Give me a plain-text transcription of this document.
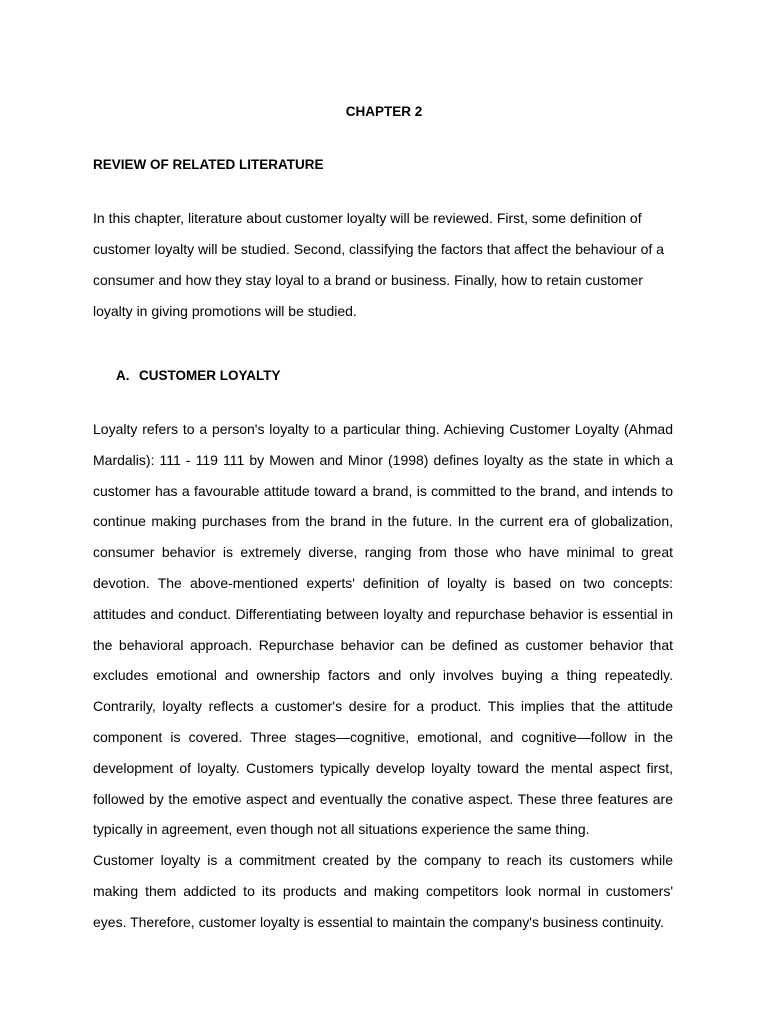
CHAPTER 2
REVIEW OF RELATED LITERATURE

In this chapter, literature about customer loyalty will be reviewed. First, some definition of customer loyalty will be studied. Second, classifying the factors that affect the behaviour of a consumer and how they stay loyal to a brand or business. Finally, how to retain customer loyalty in giving promotions will be studied.

A. CUSTOMER LOYALTY

Loyalty refers to a person's loyalty to a particular thing. Achieving Customer Loyalty (Ahmad Mardalis): 111 - 119 111 by Mowen and Minor (1998) defines loyalty as the state in which a customer has a favourable attitude toward a brand, is committed to the brand, and intends to continue making purchases from the brand in the future. In the current era of globalization, consumer behavior is extremely diverse, ranging from those who have minimal to great devotion. The above-mentioned experts' definition of loyalty is based on two concepts: attitudes and conduct. Differentiating between loyalty and repurchase behavior is essential in the behavioral approach. Repurchase behavior can be defined as customer behavior that excludes emotional and ownership factors and only involves buying a thing repeatedly. Contrarily, loyalty reflects a customer's desire for a product. This implies that the attitude component is covered. Three stages—cognitive, emotional, and cognitive—follow in the development of loyalty. Customers typically develop loyalty toward the mental aspect first, followed by the emotive aspect and eventually the conative aspect. These three features are typically in agreement, even though not all situations experience the same thing.

Customer loyalty is a commitment created by the company to reach its customers while making them addicted to its products and making competitors look normal in customers' eyes. Therefore, customer loyalty is essential to maintain the company's business continuity.
